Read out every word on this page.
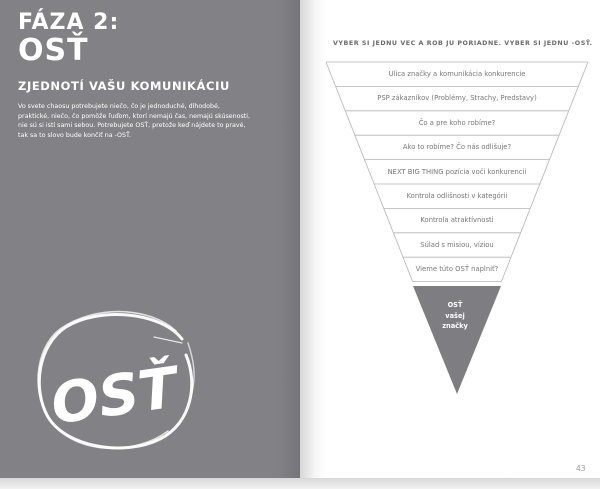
FÁZA 2:
OSŤ
ZJEDNOTÍ VAŠU KOMUNIKÁCIU
Vo svete chaosu potrebujete niečo, čo je jednoduché, dlhodobé,
praktické, niečo, čo pomôže ľuďom, ktorí nemajú čas, nemajú skúsenosti,
nie sú si istí sami sebou. Potrebujete OSŤ, pretože keď nájdete to pravé,
tak sa to slovo bude končiť na -OSŤ.
OSŤ
VYBER SI JEDNU VEC A ROB JU PORIADNE. VYBER SI JEDNU -OSŤ.
Ulica značky a komunikácia konkurencie
PSP zákazníkov (Problémy, Strachy, Predstavy)
Čo a pre koho robíme?
Ako to robíme? Čo nás odlišuje?
NEXT BIG THING pozícia voči konkurencii
Kontrola odlišnosti v kategórii
Kontrola atraktívnosti
Súlad s misiou, víziou
Vieme túto OSŤ naplniť?
OSŤ
vašej
značky
43
